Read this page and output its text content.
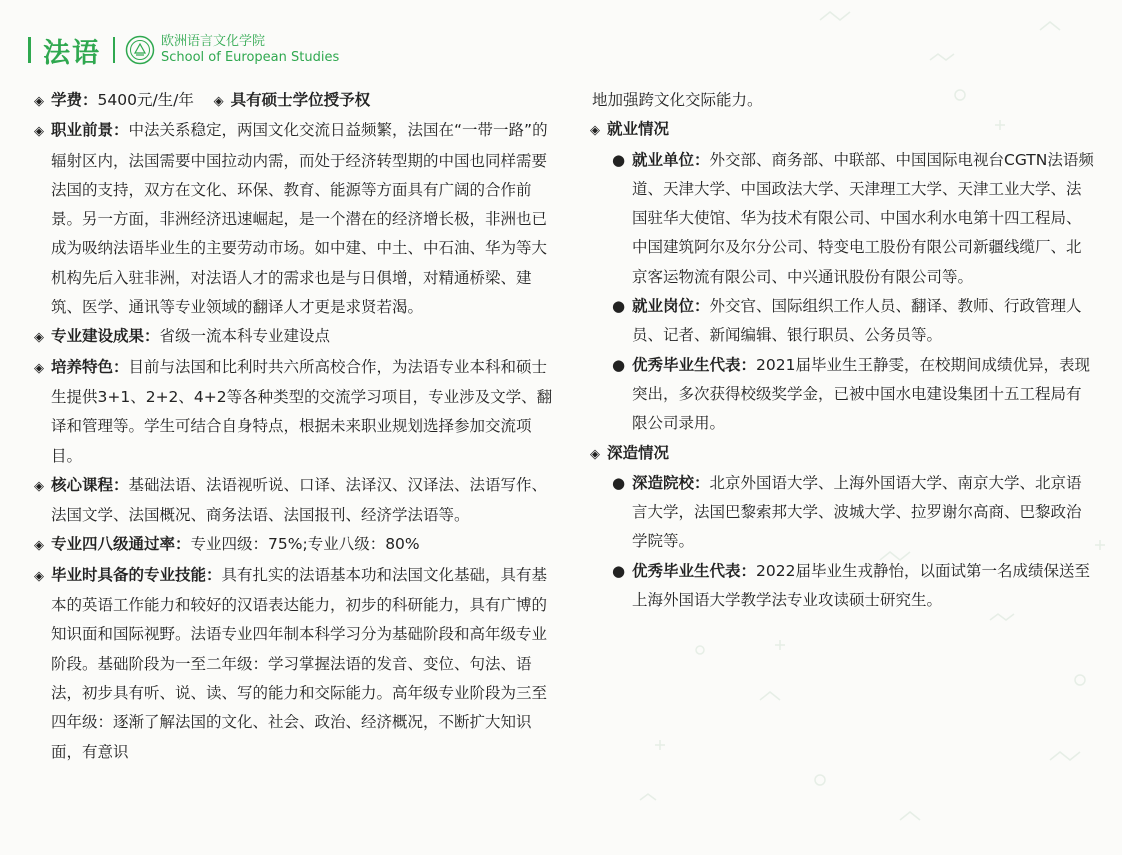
法语	欧洲语言文化学院
School of European Studies

◈ 学费：5400元/生/年 ◈ 具有硕士学位授予权

◈ 职业前景：中法关系稳定，两国文化交流日益频繁，法国在“一带一路”的辐射区内，法国需要中国拉动内需，而处于经济转型期的中国也同样需要法国的支持，双方在文化、环保、教育、能源等方面具有广阔的合作前景。另一方面，非洲经济迅速崛起，是一个潜在的经济增长极，非洲也已成为吸纳法语毕业生的主要劳动市场。如中建、中土、中石油、华为等大机构先后入驻非洲，对法语人才的需求也是与日俱增，对精通桥梁、建筑、医学、通讯等专业领域的翻译人才更是求贤若渴。

◈ 专业建设成果：省级一流本科专业建设点

◈ 培养特色：目前与法国和比利时共六所高校合作，为法语专业本科和硕士生提供3+1、2+2、4+2等各种类型的交流学习项目，专业涉及文学、翻译和管理等。学生可结合自身特点，根据未来职业规划选择参加交流项目。

◈ 核心课程：基础法语、法语视听说、口译、法译汉、汉译法、法语写作、法国文学、法国概况、商务法语、法国报刊、经济学法语等。

◈ 专业四八级通过率：专业四级：75%;专业八级：80%

◈ 毕业时具备的专业技能：具有扎实的法语基本功和法国文化基础，具有基本的英语工作能力和较好的汉语表达能力，初步的科研能力，具有广博的知识面和国际视野。法语专业四年制本科学习分为基础阶段和高年级专业阶段。基础阶段为一至二年级：学习掌握法语的发音、变位、句法、语法，初步具有听、说、读、写的能力和交际能力。高年级专业阶段为三至四年级：逐渐了解法国的文化、社会、政治、经济概况，不断扩大知识面，有意识

地加强跨文化交际能力。

◈ 就业情况

● 就业单位：外交部、商务部、中联部、中国国际电视台CGTN法语频道、天津大学、中国政法大学、天津理工大学、天津工业大学、法国驻华大使馆、华为技术有限公司、中国水利水电第十四工程局、中国建筑阿尔及尔分公司、特变电工股份有限公司新疆线缆厂、北京客运物流有限公司、中兴通讯股份有限公司等。

● 就业岗位：外交官、国际组织工作人员、翻译、教师、行政管理人员、记者、新闻编辑、银行职员、公务员等。

● 优秀毕业生代表：2021届毕业生王静雯，在校期间成绩优异，表现突出，多次获得校级奖学金，已被中国水电建设集团十五工程局有限公司录用。

◈ 深造情况

● 深造院校：北京外国语大学、上海外国语大学、南京大学、北京语言大学，法国巴黎索邦大学、波城大学、拉罗谢尔高商、巴黎政治学院等。

● 优秀毕业生代表：2022届毕业生戎静怡，以面试第一名成绩保送至上海外国语大学教学法专业攻读硕士研究生。
